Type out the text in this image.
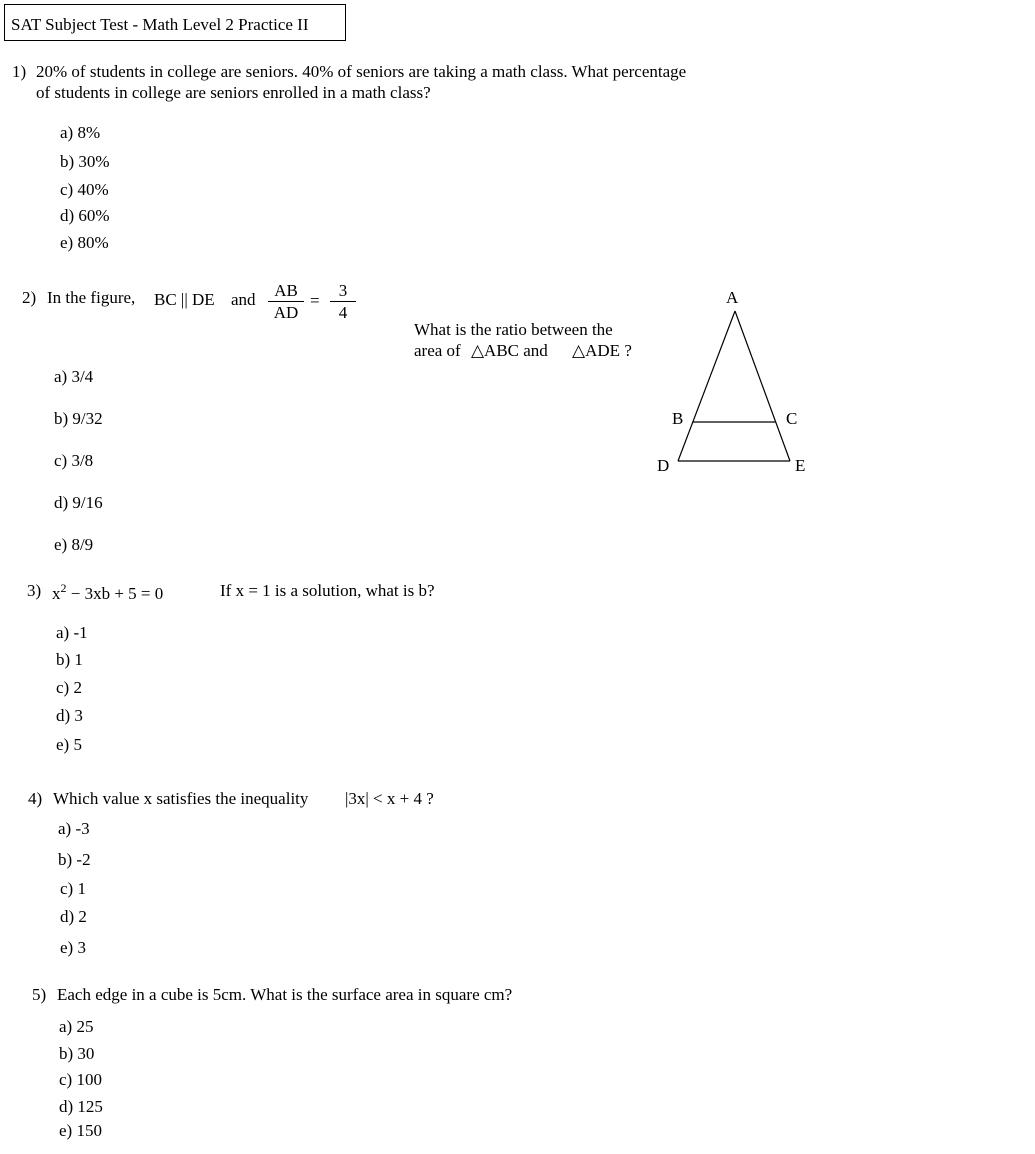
SAT Subject Test - Math Level 2 Practice II
1) 20% of students in college are seniors. 40% of seniors are taking a math class. What percentage
of students in college are seniors enrolled in a math class?
a) 8%
b) 30%
c) 40%
d) 60%
e) 80%
2) In the figure, BC || DE and $\frac{AB}{AD} = \frac{3}{4}$
What is the ratio between the
area of △ABC and △ADE ?
A
B	C
D	E
a) 3/4
b) 9/32
c) 3/8
d) 9/16
e) 8/9
3) $x^2 - 3xb + 5 = 0$	If x = 1 is a solution, what is b?
a) -1
b) 1
c) 2
d) 3
e) 5
4) Which value x satisfies the inequality |3x| < x + 4 ?
a) -3
b) -2
c) 1
d) 2
e) 3
5) Each edge in a cube is 5cm. What is the surface area in square cm?
a) 25
b) 30
c) 100
d) 125
e) 150
